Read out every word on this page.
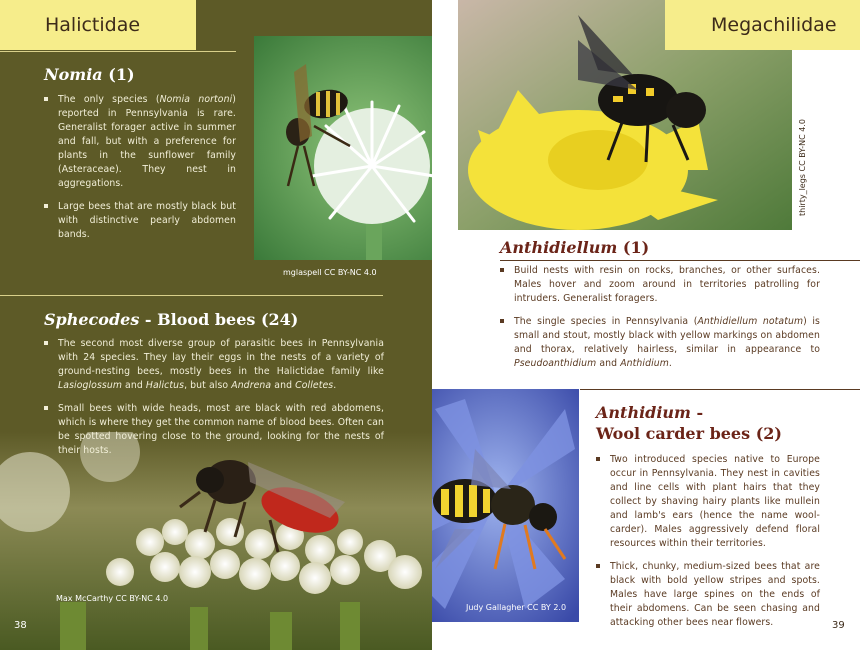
Halictidae
Nomia (1)
The only species (Nomia nortoni) reported in Pennsylvania is rare. Generalist forager active in summer and fall, but with a preference for plants in the sunflower family (Asteraceae). They nest in aggregations.
Large bees that are mostly black but with distinctive pearly abdomen bands.
mglaspell CC BY-NC 4.0
Sphecodes - Blood bees (24)
The second most diverse group of parasitic bees in Pennsylvania with 24 species. They lay their eggs in the nests of a variety of ground-nesting bees, mostly bees in the Halictidae family like Lasioglossum and Halictus, but also Andrena and Colletes.
Small bees with wide heads, most are black with red abdomens, which is where they get the common name of blood bees. Often can be spotted hovering close to the ground, looking for the nests of their hosts.
Max McCarthy CC BY-NC 4.0
38
Megachilidae
thirty_legs CC BY-NC 4.0
Anthidiellum (1)
Build nests with resin on rocks, branches, or other surfaces. Males hover and zoom around in territories patrolling for intruders. Generalist foragers.
The single species in Pennsylvania (Anthidiellum notatum) is small and stout, mostly black with yellow markings on abdomen and thorax, relatively hairless, similar in appearance to Pseudoanthidium and Anthidium.
Judy Gallagher CC BY 2.0
Anthidium -
Wool carder bees (2)
Two introduced species native to Europe occur in Pennsylvania. They nest in cavities and line cells with plant hairs that they collect by shaving hairy plants like mullein and lamb's ears (hence the name wool-carder). Males aggressively defend floral resources within their territories.
Thick, chunky, medium-sized bees that are black with bold yellow stripes and spots. Males have large spines on the ends of their abdomens. Can be seen chasing and attacking other bees near flowers.	39
